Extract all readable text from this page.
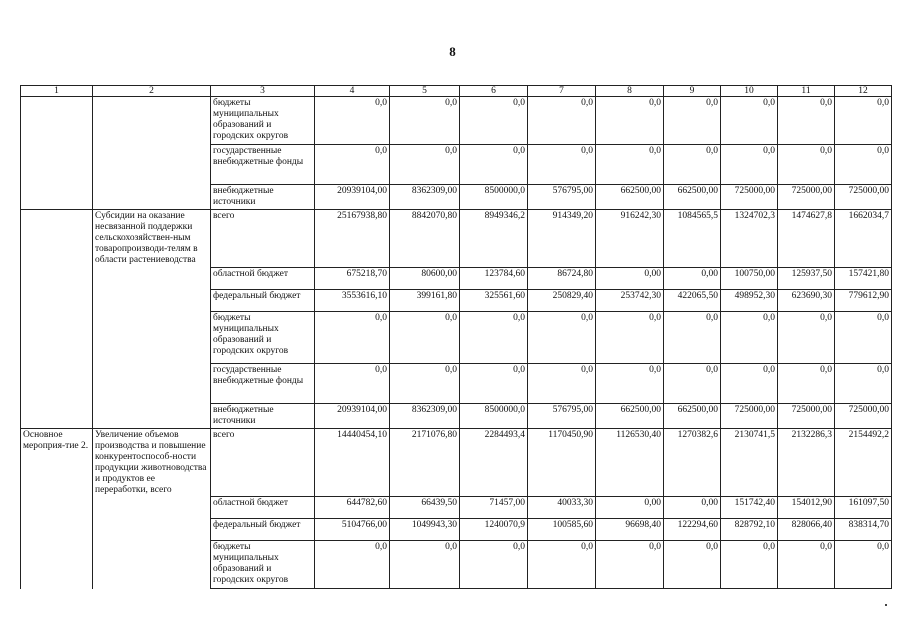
8
1	2	3	4	5	6	7	8	9	10	11	12
		бюджеты муниципальных образований и городских округов	0,0	0,0	0,0	0,0	0,0	0,0	0,0	0,0	0,0
		государственные внебюджетные фонды	0,0	0,0	0,0	0,0	0,0	0,0	0,0	0,0	0,0
		внебюджетные источники	20939104,00	8362309,00	8500000,0	576795,00	662500,00	662500,00	725000,00	725000,00	725000,00
	Субсидии на оказание несвязанной поддержки сельскохозяйствен-ным товаропроизводи-телям в области растениеводства	всего	25167938,80	8842070,80	8949346,2	914349,20	916242,30	1084565,5	1324702,3	1474627,8	1662034,7
		областной бюджет	675218,70	80600,00	123784,60	86724,80	0,00	0,00	100750,00	125937,50	157421,80
		федеральный бюджет	3553616,10	399161,80	325561,60	250829,40	253742,30	422065,50	498952,30	623690,30	779612,90
		бюджеты муниципальных образований и городских округов	0,0	0,0	0,0	0,0	0,0	0,0	0,0	0,0	0,0
		государственные внебюджетные фонды	0,0	0,0	0,0	0,0	0,0	0,0	0,0	0,0	0,0
		внебюджетные источники	20939104,00	8362309,00	8500000,0	576795,00	662500,00	662500,00	725000,00	725000,00	725000,00
Основное мероприя-тие 2.	Увеличение объемов производства и повышение конкурентоспособ-ности продукции животноводства и продуктов ее переработки, всего	всего	14440454,10	2171076,80	2284493,4	1170450,90	1126530,40	1270382,6	2130741,5	2132286,3	2154492,2
		областной бюджет	644782,60	66439,50	71457,00	40033,30	0,00	0,00	151742,40	154012,90	161097,50
		федеральный бюджет	5104766,00	1049943,30	1240070,9	100585,60	96698,40	122294,60	828792,10	828066,40	838314,70
		бюджеты муниципальных образований и городских округов	0,0	0,0	0,0	0,0	0,0	0,0	0,0	0,0	0,0
